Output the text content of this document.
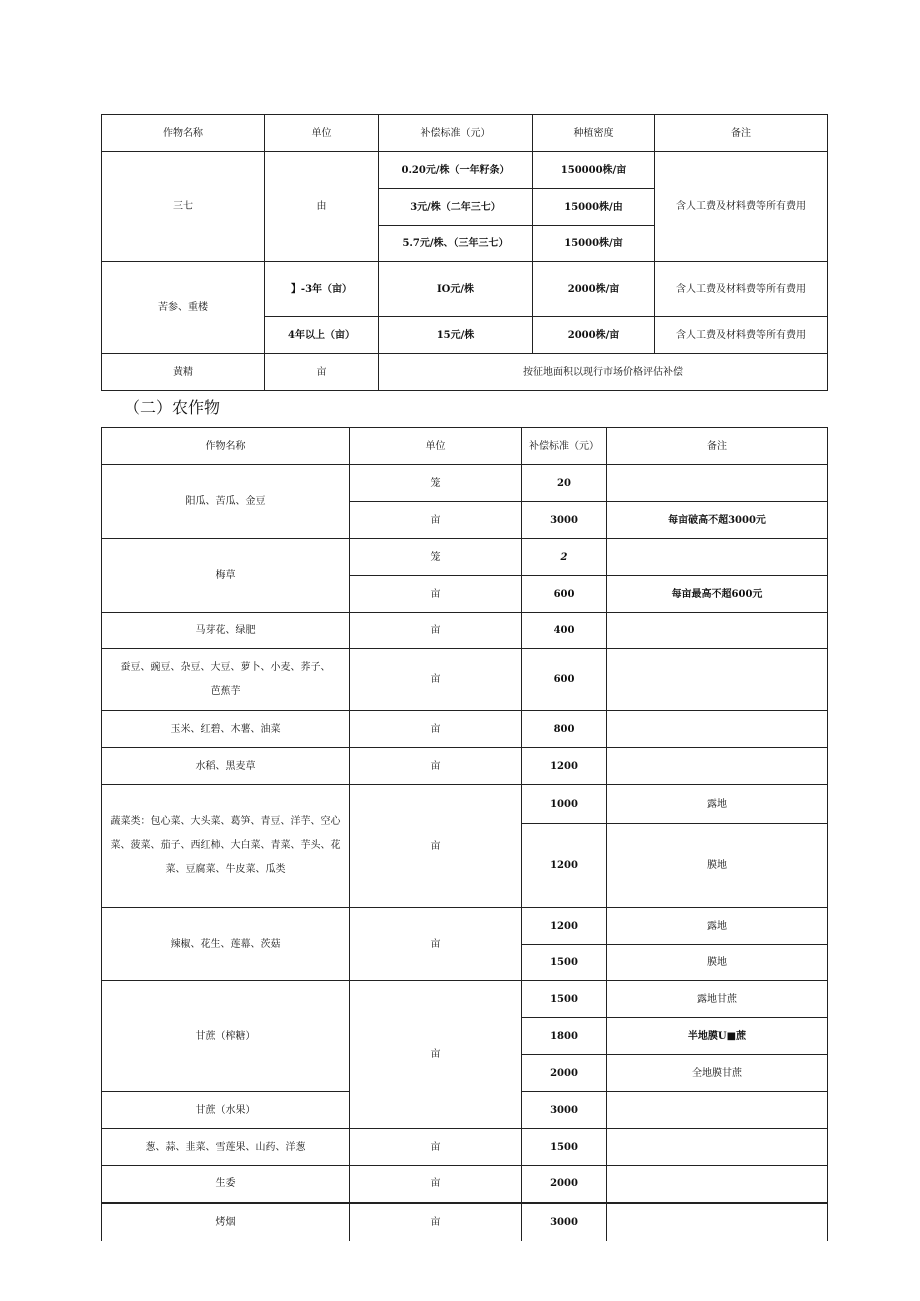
作物名称	单位	补偿标准（元）	种植密度	备注
三七	由	0.20元/株（一年籽条）	150000株/亩	含人工费及材料费等所有费用
		3元/株（二年三七）	15000株/由	
		5.7元/株、（三年三七）	15000株/亩	
苦参、重楼	】-3年（亩）	IO元/株	2000株/亩	含人工费及材料费等所有费用
	4年以上（亩）	15元/株	2000株/亩	含人工费及材料费等所有费用
黄精	亩	按征地面积以现行市场价格评估补偿		
（二）农作物
作物名称	单位	补偿标准（元）	备注
阳瓜、苦瓜、金豆	笼	20	
	亩	3000	每亩破高不超3000元
梅草	笼	2	
	亩	600	每亩最高不超600元
马芽花、绿肥	亩	400	
蚕豆、豌豆、杂豆、大豆、萝卜、小麦、荞子、
芭蕉芋	亩	600	
玉米、红碧、木薯、油菜	亩	800	
水稻、黑麦草	亩	1200	
蔬菜类：包心菜、大头菜、葛笋、青豆、洋芋、空心
菜、菠菜、茄子、西红柿、大白菜、青菜、芋头、花
菜、豆腐菜、牛皮菜、瓜类	亩	1000	露地
		1200	膜地
辣椒、花生、莲幕、茨菇	亩	1200	露地
		1500	膜地
甘蔗（榨糖）	亩	1500	露地甘蔗
		1800	半地膜U■蔗
		2000	全地膜甘蔗
甘蔗（水果）		3000	
葱、蒜、韭菜、雪莲果、山药、洋葱	亩	1500	
生委	亩	2000	
烤烟	亩	3000	
